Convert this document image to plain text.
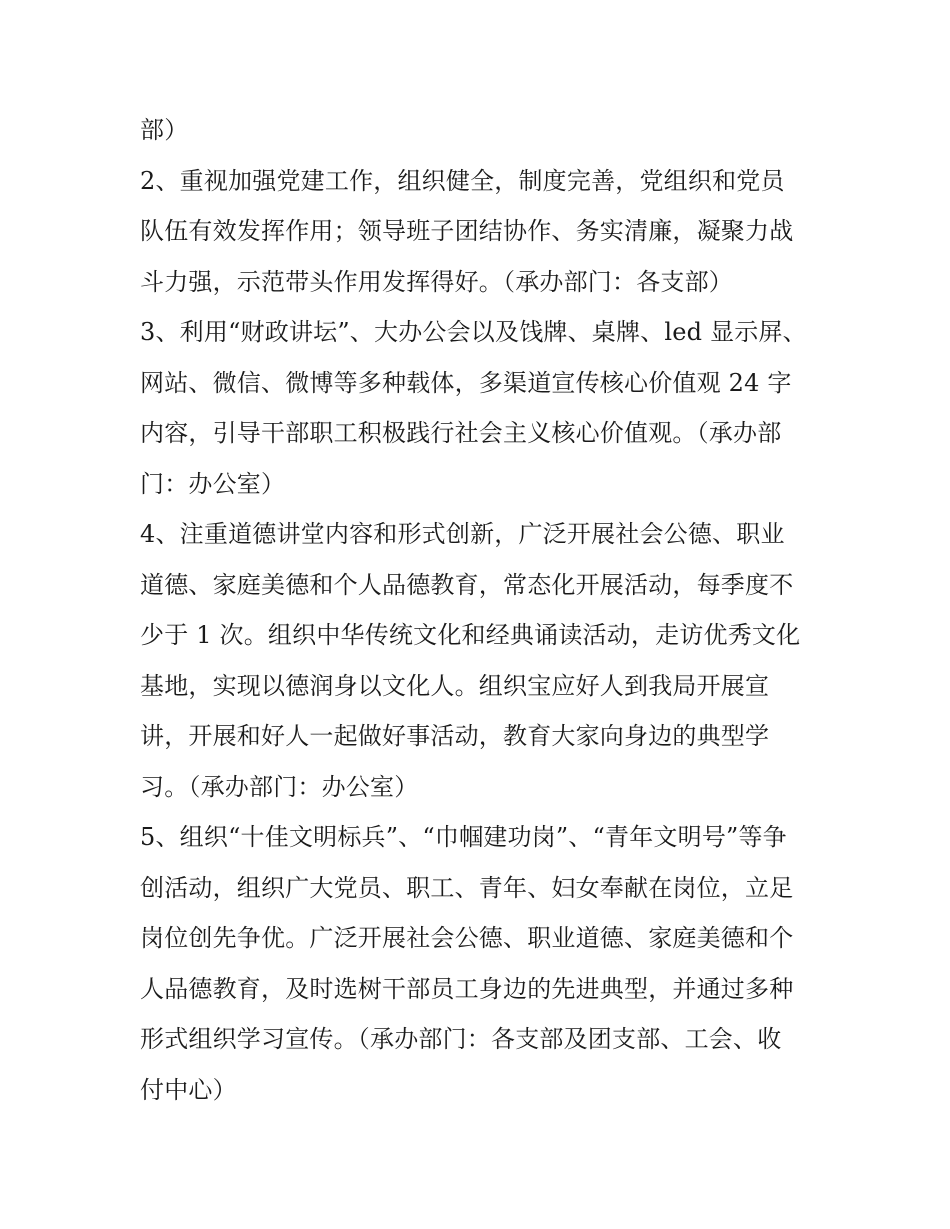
部）
2、重视加强党建工作，组织健全，制度完善，党组织和党员
队伍有效发挥作用；领导班子团结协作、务实清廉，凝聚力战
斗力强，示范带头作用发挥得好。（承办部门：各支部）
3、利用“财政讲坛”、大办公会以及饯牌、桌牌、led 显示屏、
网站、微信、微博等多种载体，多渠道宣传核心价值观 24 字
内容，引导干部职工积极践行社会主义核心价值观。（承办部
门：办公室）
4、注重道德讲堂内容和形式创新，广泛开展社会公德、职业
道德、家庭美德和个人品德教育，常态化开展活动，每季度不
少于 1 次。组织中华传统文化和经典诵读活动，走访优秀文化
基地，实现以德润身以文化人。组织宝应好人到我局开展宣
讲，开展和好人一起做好事活动，教育大家向身边的典型学
习。（承办部门：办公室）
5、组织“十佳文明标兵”、“巾帼建功岗”、“青年文明号”等争
创活动，组织广大党员、职工、青年、妇女奉献在岗位，立足
岗位创先争优。广泛开展社会公德、职业道德、家庭美德和个
人品德教育，及时选树干部员工身边的先进典型，并通过多种
形式组织学习宣传。（承办部门：各支部及团支部、工会、收
付中心）
